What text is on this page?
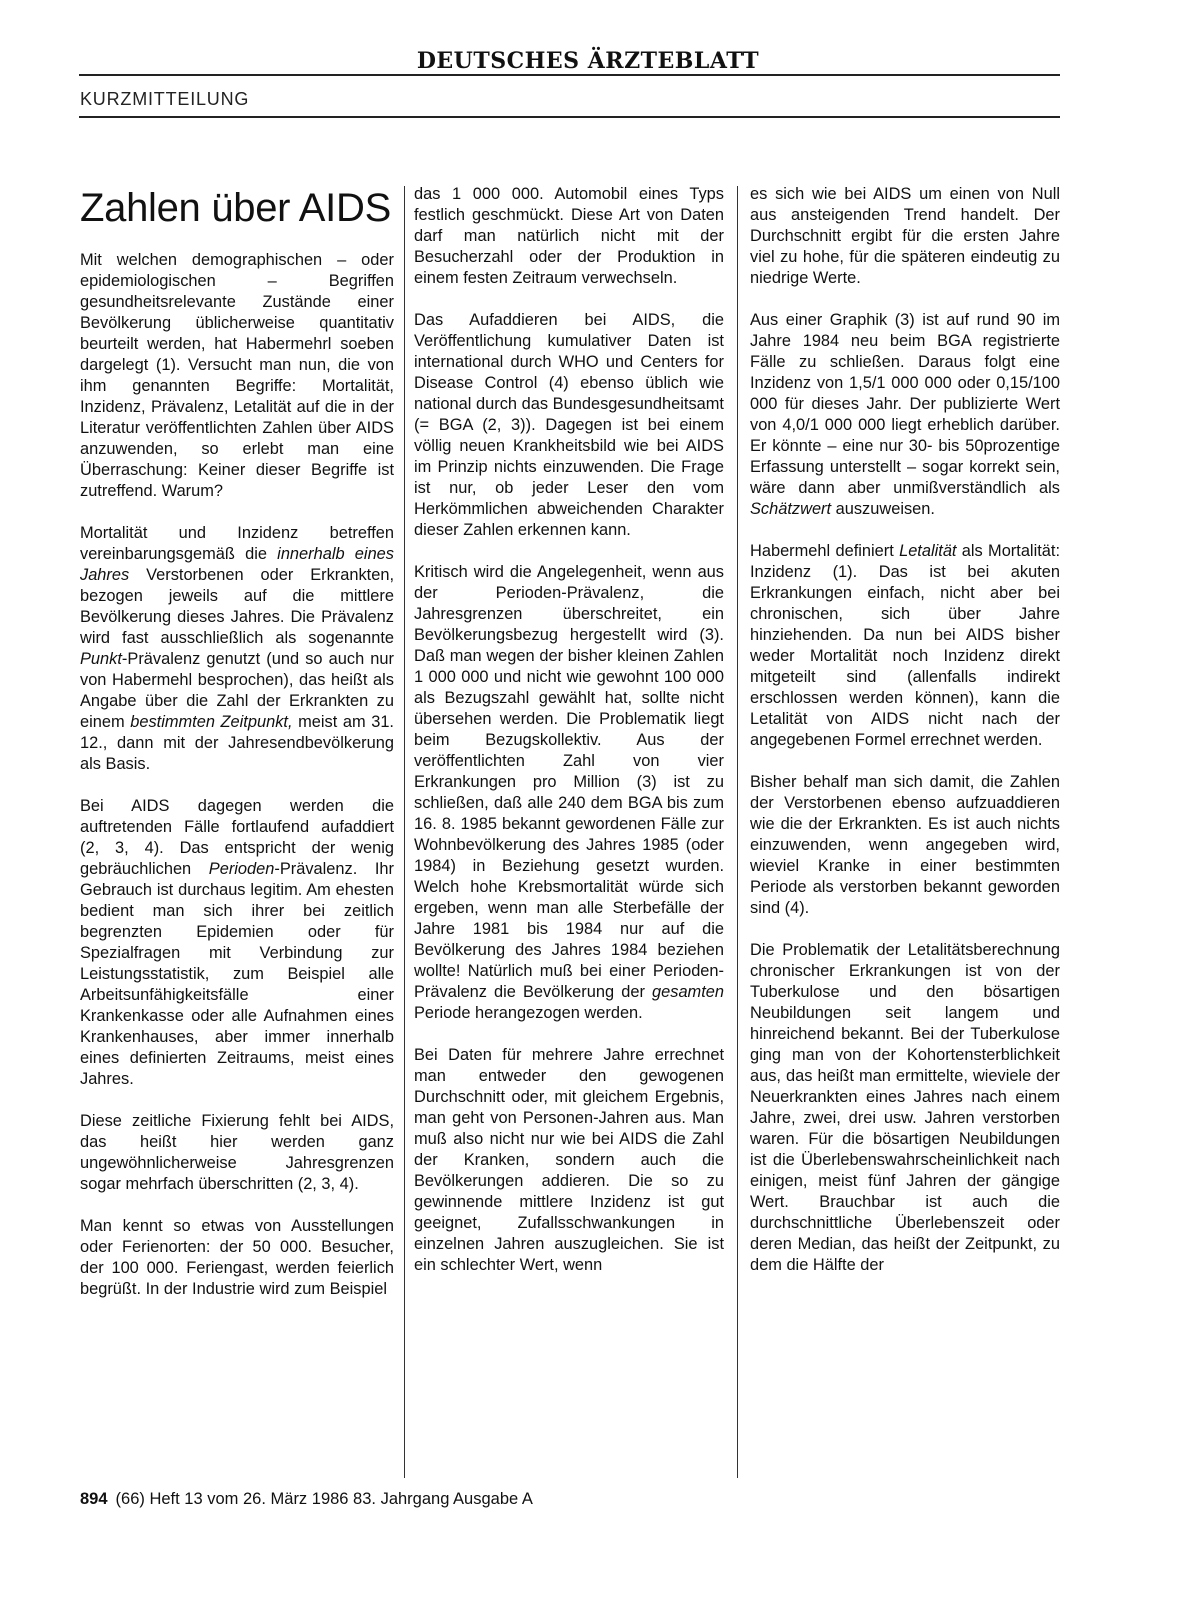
DEUTSCHES ÄRZTEBLATT
KURZMITTEILUNG
Zahlen über AIDS

Mit welchen demographischen – oder epidemiologischen – Begriffen gesundheitsrelevante Zustände einer Bevölkerung üblicherweise quantitativ beurteilt werden, hat Habermehrl soeben dargelegt (1). Versucht man nun, die von ihm genannten Begriffe: Mortalität, Inzidenz, Prävalenz, Letalität auf die in der Literatur veröffentlichten Zahlen über AIDS anzuwenden, so erlebt man eine Überraschung: Keiner dieser Begriffe ist zutreffend. Warum?

Mortalität und Inzidenz betreffen vereinbarungsgemäß die innerhalb eines Jahres Verstorbenen oder Erkrankten, bezogen jeweils auf die mittlere Bevölkerung dieses Jahres. Die Prävalenz wird fast ausschließlich als sogenannte Punkt-Prävalenz genutzt (und so auch nur von Habermehl besprochen), das heißt als Angabe über die Zahl der Erkrankten zu einem bestimmten Zeitpunkt, meist am 31. 12., dann mit der Jahresendbevölkerung als Basis.

Bei AIDS dagegen werden die auftretenden Fälle fortlaufend aufaddiert (2, 3, 4). Das entspricht der wenig gebräuchlichen Perioden-Prävalenz. Ihr Gebrauch ist durchaus legitim. Am ehesten bedient man sich ihrer bei zeitlich begrenzten Epidemien oder für Spezialfragen mit Verbindung zur Leistungsstatistik, zum Beispiel alle Arbeitsunfähigkeitsfälle einer Krankenkasse oder alle Aufnahmen eines Krankenhauses, aber immer innerhalb eines definierten Zeitraums, meist eines Jahres.

Diese zeitliche Fixierung fehlt bei AIDS, das heißt hier werden ganz ungewöhnlicherweise Jahresgrenzen sogar mehrfach überschritten (2, 3, 4).

Man kennt so etwas von Ausstellungen oder Ferienorten: der 50 000. Besucher, der 100 000. Feriengast, werden feierlich begrüßt. In der Industrie wird zum Beispiel

das 1 000 000. Automobil eines Typs festlich geschmückt. Diese Art von Daten darf man natürlich nicht mit der Besucherzahl oder der Produktion in einem festen Zeitraum verwechseln.

Das Aufaddieren bei AIDS, die Veröffentlichung kumulativer Daten ist international durch WHO und Centers for Disease Control (4) ebenso üblich wie national durch das Bundesgesundheitsamt (= BGA (2, 3)). Dagegen ist bei einem völlig neuen Krankheitsbild wie bei AIDS im Prinzip nichts einzuwenden. Die Frage ist nur, ob jeder Leser den vom Herkömmlichen abweichenden Charakter dieser Zahlen erkennen kann.

Kritisch wird die Angelegenheit, wenn aus der Perioden-Prävalenz, die Jahresgrenzen überschreitet, ein Bevölkerungsbezug hergestellt wird (3). Daß man wegen der bisher kleinen Zahlen 1 000 000 und nicht wie gewohnt 100 000 als Bezugszahl gewählt hat, sollte nicht übersehen werden. Die Problematik liegt beim Bezugskollektiv. Aus der veröffentlichten Zahl von vier Erkrankungen pro Million (3) ist zu schließen, daß alle 240 dem BGA bis zum 16. 8. 1985 bekannt gewordenen Fälle zur Wohnbevölkerung des Jahres 1985 (oder 1984) in Beziehung gesetzt wurden. Welch hohe Krebsmortalität würde sich ergeben, wenn man alle Sterbefälle der Jahre 1981 bis 1984 nur auf die Bevölkerung des Jahres 1984 beziehen wollte! Natürlich muß bei einer Perioden-Prävalenz die Bevölkerung der gesamten Periode herangezogen werden.

Bei Daten für mehrere Jahre errechnet man entweder den gewogenen Durchschnitt oder, mit gleichem Ergebnis, man geht von Personen-Jahren aus. Man muß also nicht nur wie bei AIDS die Zahl der Kranken, sondern auch die Bevölkerungen addieren. Die so zu gewinnende mittlere Inzidenz ist gut geeignet, Zufallsschwankungen in einzelnen Jahren auszugleichen. Sie ist ein schlechter Wert, wenn

es sich wie bei AIDS um einen von Null aus ansteigenden Trend handelt. Der Durchschnitt ergibt für die ersten Jahre viel zu hohe, für die späteren eindeutig zu niedrige Werte.

Aus einer Graphik (3) ist auf rund 90 im Jahre 1984 neu beim BGA registrierte Fälle zu schließen. Daraus folgt eine Inzidenz von 1,5/1 000 000 oder 0,15/100 000 für dieses Jahr. Der publizierte Wert von 4,0/1 000 000 liegt erheblich darüber. Er könnte – eine nur 30- bis 50prozentige Erfassung unterstellt – sogar korrekt sein, wäre dann aber unmißverständlich als Schätzwert auszuweisen.

Habermehl definiert Letalität als Mortalität: Inzidenz (1). Das ist bei akuten Erkrankungen einfach, nicht aber bei chronischen, sich über Jahre hinziehenden. Da nun bei AIDS bisher weder Mortalität noch Inzidenz direkt mitgeteilt sind (allenfalls indirekt erschlossen werden können), kann die Letalität von AIDS nicht nach der angegebenen Formel errechnet werden.

Bisher behalf man sich damit, die Zahlen der Verstorbenen ebenso aufzuaddieren wie die der Erkrankten. Es ist auch nichts einzuwenden, wenn angegeben wird, wieviel Kranke in einer bestimmten Periode als verstorben bekannt geworden sind (4).

Die Problematik der Letalitätsberechnung chronischer Erkrankungen ist von der Tuberkulose und den bösartigen Neubildungen seit langem und hinreichend bekannt. Bei der Tuberkulose ging man von der Kohortensterblichkeit aus, das heißt man ermittelte, wieviele der Neuerkrankten eines Jahres nach einem Jahre, zwei, drei usw. Jahren verstorben waren. Für die bösartigen Neubildungen ist die Überlebenswahrscheinlichkeit nach einigen, meist fünf Jahren der gängige Wert. Brauchbar ist auch die durchschnittliche Überlebenszeit oder deren Median, das heißt der Zeitpunkt, zu dem die Hälfte der

894 (66) Heft 13 vom 26. März 1986 83. Jahrgang Ausgabe A
